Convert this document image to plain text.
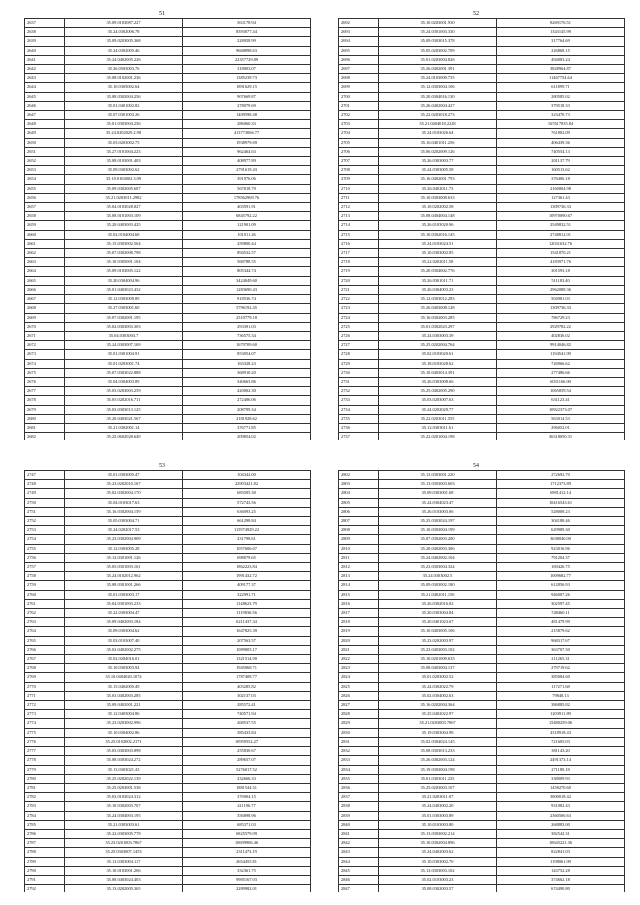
51
2637	35.09.0103087.227	563178.94
2638	35.24.0302006.78	8393077.44
2639	35.09.0203005.368	228058.99
2640	35.24.0302005.46	9668898.63
2641	35.24.0402005.226	22357729.89
2642	35.26.0503003.76	318003.07
2643	35.08.0102001.236	1385239.73
2644	35.10.0305002.64	1891629.15
2645	35.08.0302004.256	907669.87
2646	35.01.0401002.82	278079.69
2647	35.07.0301003.26	1409598.48
2648	35.01.0303004.256	286060.33
2649	35.24.0202029.2.98	413773066.77
2650	35.03.0203002.75	1938979.69
2651	35.27.0101004.223	962464.63
2652	35.08.0103001.403	408977.89
2653	35.09.0303002.62	2791619.43
2654	35.10.0104002.3.09	391976.06
2655	35.09.0302005.607	567818.79
2656	35.21.0203011.2982	178562969.76
2657	35.04.0103028.827	403591.91
2658	35.08.0101003.109	6845792.22
2659	35.20.0403003.425	121901.09
2660	35.02.0104004.68	101011.26
2661	35.15.0303002.564	259800.44
2662	35.07.0302008.798	894532.57
2663	35.10.0305001.104	568788.55
2664	35.09.0103005.122	805344.74
2665	35.20.0304004.96	3424049.60
2666	35.01.0403023.432	1283690.43
2667	35.12.0303009.89	918536.74
2668	35.27.0303001.60	5796192.45
2669	35.07.0302001.195	2519779.18
2670	35.02.0303003.303	293391.03
2671	35.04.0303003.7	736575.34
2672	35.24.0303007.169	1679709.60
2673	35.01.0301004.91	853054.07
2674	35.01.0203001.74	163328.23
2675	35.07.0303022.888	368910.20
2676	35.04.0304003.89	340663.86
2677	35.03.0203003.259	420002.30
2678	35.05.0202016.711	272406.06
2679	35.03.0303013.125	208799.34
2680	35.20.0403021.567	2181928.62
2681	35.21.0302001.14	376771.85
2682	35.25.0602028.649	209854.02

52
2692	35.10.0203001.930	8269176.51
2693	35.24.0301003.330	1343145.99
2694	35.09.0303015.378	317764.69
2695	35.05.0203002.709	226868.15
2696	35.01.0203004.826	494083.24
2697	35.26.0402001.391	3828964.87
2698	35.24.0103009.735	11467754.64
2699	35.12.0303004.106	611899.71
2700	35.20.0304016.130	280585.02
2701	35.26.0402004.427	379518.33
2702	35.22.0203018.273	323470.73
2703	35.21.0404018.2228	167617835.84
2704	35.24.0103026.64	761802.09
2705	35.16.0401011.256	406439.36
2706	35.06.0202009.126	740554.13
2707	35.26.0303003.77	201137.79
2708	35.24.0303005.58	160513.62
2709	35.16.0402001.793	376406.18
2710	35.26.0402011.73	2160004.98
2711	35.10.0303008.633	127361.43
2712	35.10.0202002.58	1309736.33
2713	35.08.0404004.148	10970090.67
2714	35.26.0103020.96	2549832.51
2715	35.10.0302016.145	2748812.01
2716	35.24.0103024.51	12031632.76
2717	35.10.0303002.85	1541870.21
2718	35.22.0202011.58	4183971.76
2719	35.20.0304002.776	301593.18
2720	35.26.0301011.71	511183.40
2721	35.26.0304003.23	2962088.36
2722	35.12.0303012.283	504981.03
2723	35.26.0403008.128	1309736.33
2724	35.16.0302003.285	786729.23
2725	35.01.0302023.297	2929782.22
2726	35.24.0303003.39	402836.02
2727	35.25.0202004.764	9914046.82
2728	35.02.0103020.61	1194541.09
2729	35.18.0103028.62	726966.62
2730	35.10.0403014.391	277486.66
2731	35.26.0303008.66	6031166.00
2732	35.25.0402005.290	1065059.54
2733	35.03.0203007.63	631123.41
2734	35.24.0202029.77	10922373.07
2735	35.22.0203011.555	563014.53
2736	35.12.0303011.61	296052.01
2737	35.22.0201004.198	36318050.31

53
2747	35.01.0303005.47	104342.00
2748	35.23.0202010.167	22903421.82
2749	35.02.0302004.170	683505.30
2750	35.04.0103017.63	572743.56
2751	35.16.0302004.159	636093.25
2752	35.05.0303004.71	661298.84
2753	35.24.0202017.53	115974929.22
2754	35.23.0302004.909	231798.61
2755	35.12.0303005.28	1057606.67
2756	35.12.0301001.126	698079.65
2757	35.05.0301003.161	1862223.84
2758	35.24.0102012.962	1991432.72
2759	35.08.0301001.266	409177.37
2760	35.01.0303003.17	322991.71
2761	35.04.0301003.233	1148623.79
2762	35.22.0303004.47	1119836.56
2763	35.09.0402003.184	6211437.34
2764	35.09.0303004.62	1647825.39
2765	35.03.0103007.40	207563.57
2766	35.02.0402002.275	1089805.17
2767	35.02.0204016.01	1321514.90
2768	35.10.0303003.94	1945068.71
2769	35.10.0404020.1074	1787408.77
2770	35.15.0402005.49	403285.82
2771	35.03.0402003.285	302137.03
2772	35.09.0402001.221	285572.41
2773	35.12.0403004.86	740571.94
2774	35.23.0203002.996	268537.55
2775	35.10.0304002.86	385433.84
2776	35.25.0102002.2171	10959552.27
2777	35.03.0303003.898	255830.67
2778	35.08.0303024.272	289657.07
2779	35.13.0303021.43	5276017.52
2780	35.25.0202022.139	232666.33
2781	35.25.0203001.538	1881544.51
2782	35.03.0103024.312	376904.15
2783	35.10.0302003.707	411196.77
2784	35.24.0304003.195	356898.96
2785	35.21.0303003.61	685371.03
2786	35.22.0303005.778	6825579.09
2787	35.23.0201003.7867	10699906.46
2788	35.25.0303007.1453	2311473.19
2789	35.12.0303004.117	2654455.81
2790	35.10.0103001.206	332361.75
2791	35.08.0403024.403	9985167.03
2792	35.13.0202005.365	2289982.01

54
2802	35.13.0303001.220	272692.70
2803	35.13.0303003.603	1712373.89
2804	35.09.0303001.68	6981412.14
2805	35.24.0304023.47	10416543.61
2806	35.26.0103003.06	528008.23
2807	35.25.0303024.197	304188.46
2808	35.10.0303004.199	629989.30
2809	35.07.0302003.200	3638040.00
2810	35.20.0402003.306	923016.96
2811	35.24.0402002.104	791204.37
2812	35.23.0303004.324	169426.75
2813	35.24.0303002.5	1009682.77
2814	35.09.0303002.180	612856.93
2815	35.21.0402011.150	946007.26
2816	35.26.0302016.02	302597.45
2817	35.20.0303004.84	748460.11
2818	35.20.0401023.67	481479.99
2819	35.10.0403005.106	215879.62
2820	35.23.0202003.97	968317.67
2821	35.23.0403003.102	363707.50
2822	35.10.0201009.635	211265.31
2823	35.08.0403004.137	279719.62
2824	35.01.0203002.52	385084.60
2825	35.24.0302022.79	117271.68
2826	35.02.0304002.63	79840.13
2827	35.16.0202004.364	386885.82
2828	35.25.0402022.97	1203911.89
2829	35.21.0203003.7067	15480259.06
2830	35.19.0303004.98	4318918.43
2831	35.02.0304024.145	721605.03
2832	35.08.0303013.233	381143.20
2833	35.26.0402003.124	2491373.14
2834	35.19.0303004.198	271189.18
2835	35.01.0303011.235	338009.93
2836	35.25.0203003.107	1458270.60
2837	35.21.0203011.07	3800018.42
2838	35.24.0403002.20	931082.43
2839	35.01.0303003.89	2360506.63
2840	35.10.0103003.80	268883.00
2841	35.13.0303002.214	382542.31
2842	35.10.0302004.896	10645221.36
2843	35.24.0402003.62	822841.03
2844	35.10.0303002.70	1198061.09
2845	35.13.0303003.102	143752.28
2846	35.02.0103003.23	374662.18
2847	35.08.0302003.57	674490.80
